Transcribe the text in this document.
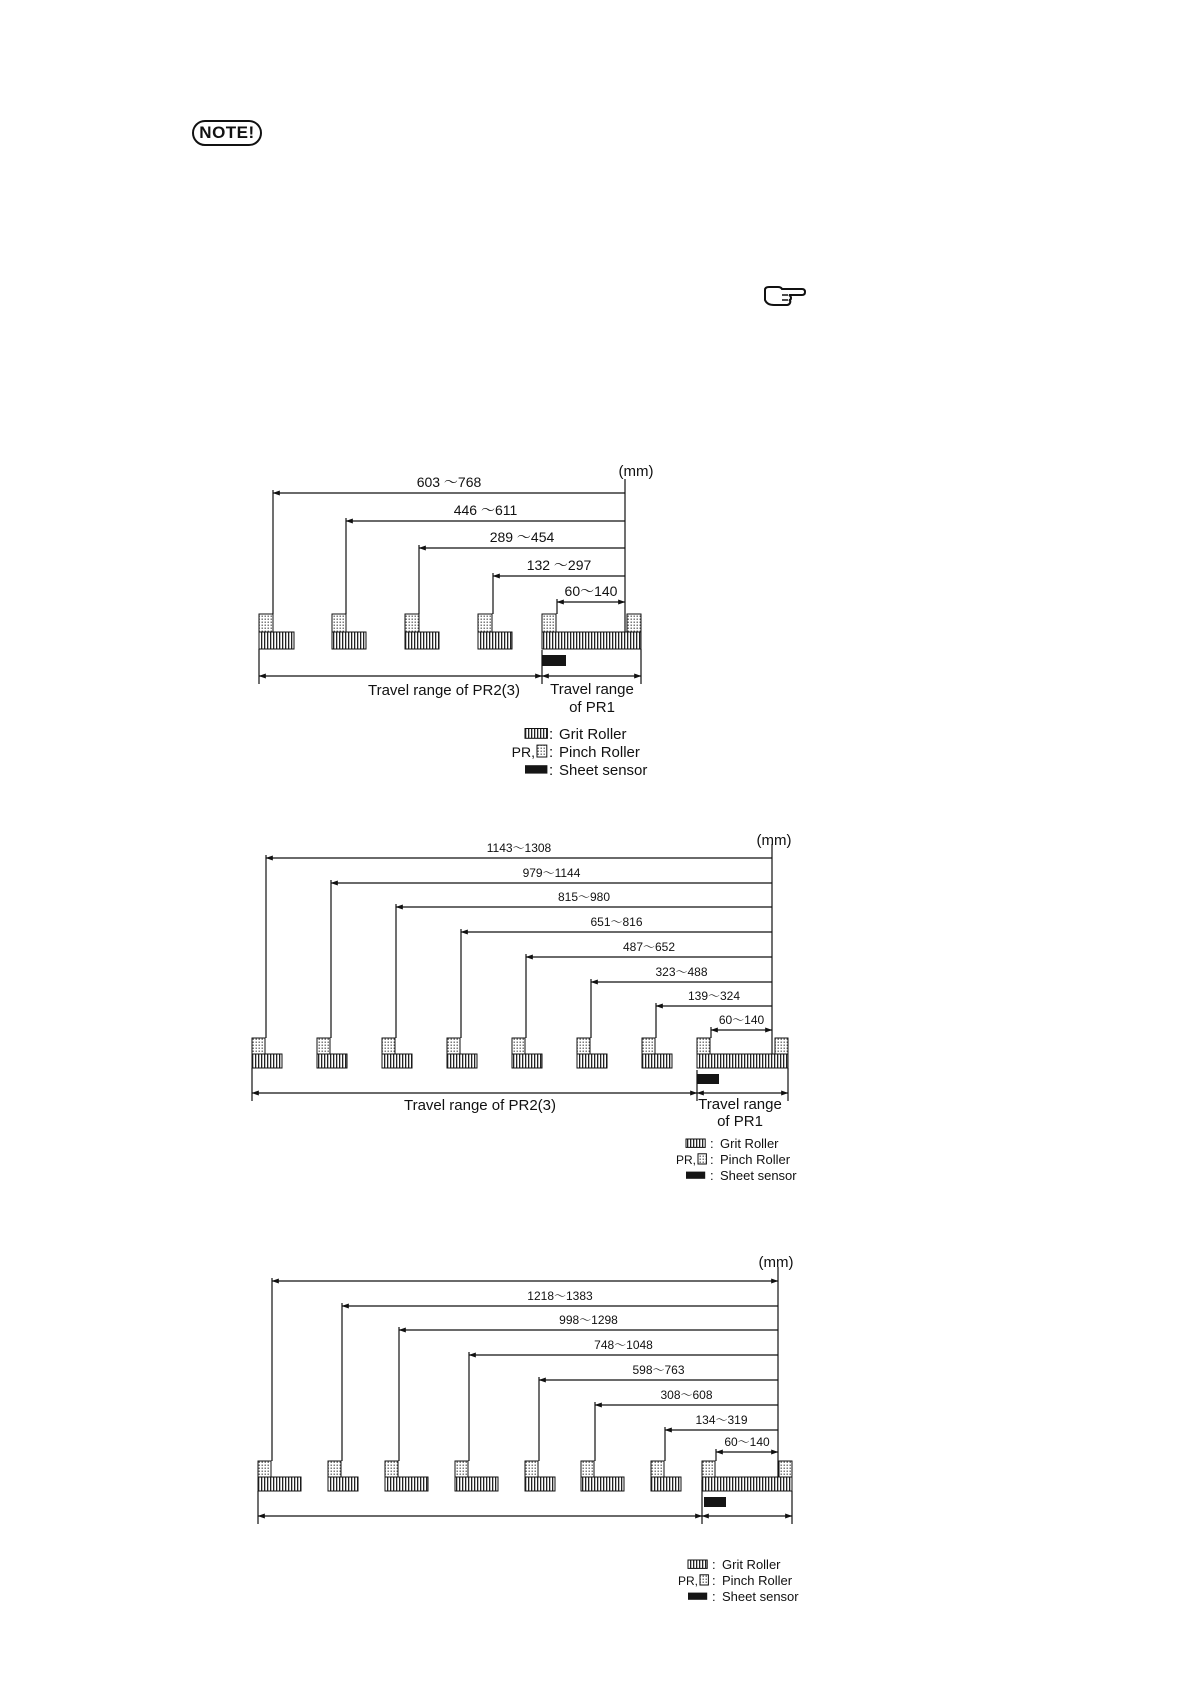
NOTE!
(mm)
603 ～768
446 ～611
289 ～454
132 ～297
60～140
Travel range of PR2(3) Travel range
of PR1
: Grit Roller
PR, : Pinch Roller
: Sheet sensor
(mm)
1143～1308
979～1144
815～980
651～816
487～652
323～488
139～324
60～140
Travel range of PR2(3)	Travel range
of PR1
: Grit Roller
PR, : Pinch Roller
: Sheet sensor
(mm)
1218～1383
998～1298
748～1048
598～763
308～608
134～319
60～140
: Grit Roller
PR, : Pinch Roller
: Sheet sensor
